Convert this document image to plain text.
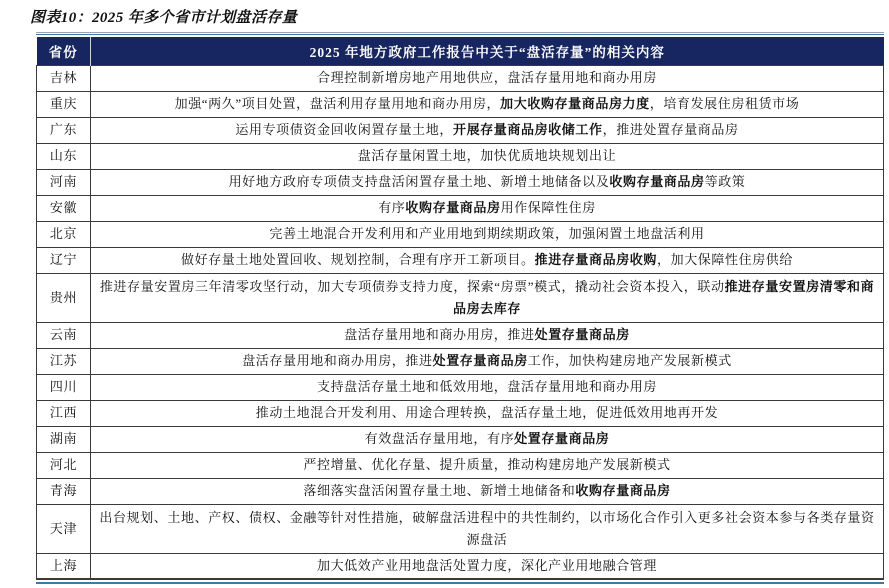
图表10：2025 年多个省市计划盘活存量
省份	2025 年地方政府工作报告中关于“盘活存量”的相关内容
吉林	合理控制新增房地产用地供应，盘活存量用地和商办用房
重庆	加强“两久”项目处置，盘活利用存量用地和商办用房，加大收购存量商品房力度，培育发展住房租赁市场
广东	运用专项债资金回收闲置存量土地，开展存量商品房收储工作，推进处置存量商品房
山东	盘活存量闲置土地，加快优质地块规划出让
河南	用好地方政府专项债支持盘活闲置存量土地、新增土地储备以及收购存量商品房等政策
安徽	有序收购存量商品房用作保障性住房
北京	完善土地混合开发利用和产业用地到期续期政策，加强闲置土地盘活利用
辽宁	做好存量土地处置回收、规划控制，合理有序开工新项目。推进存量商品房收购，加大保障性住房供给
贵州	推进存量安置房三年清零攻坚行动，加大专项债券支持力度，探索“房票”模式，撬动社会资本投入，联动推进存量安置房清零和商品房去库存
云南	盘活存量用地和商办用房，推进处置存量商品房
江苏	盘活存量用地和商办用房，推进处置存量商品房工作，加快构建房地产发展新模式
四川	支持盘活存量土地和低效用地，盘活存量用地和商办用房
江西	推动土地混合开发利用、用途合理转换，盘活存量土地，促进低效用地再开发
湖南	有效盘活存量用地，有序处置存量商品房
河北	严控增量、优化存量、提升质量，推动构建房地产发展新模式
青海	落细落实盘活闲置存量土地、新增土地储备和收购存量商品房
天津	出台规划、土地、产权、债权、金融等针对性措施，破解盘活进程中的共性制约，以市场化合作引入更多社会资本参与各类存量资源盘活
上海	加大低效产业用地盘活处置力度，深化产业用地融合管理
